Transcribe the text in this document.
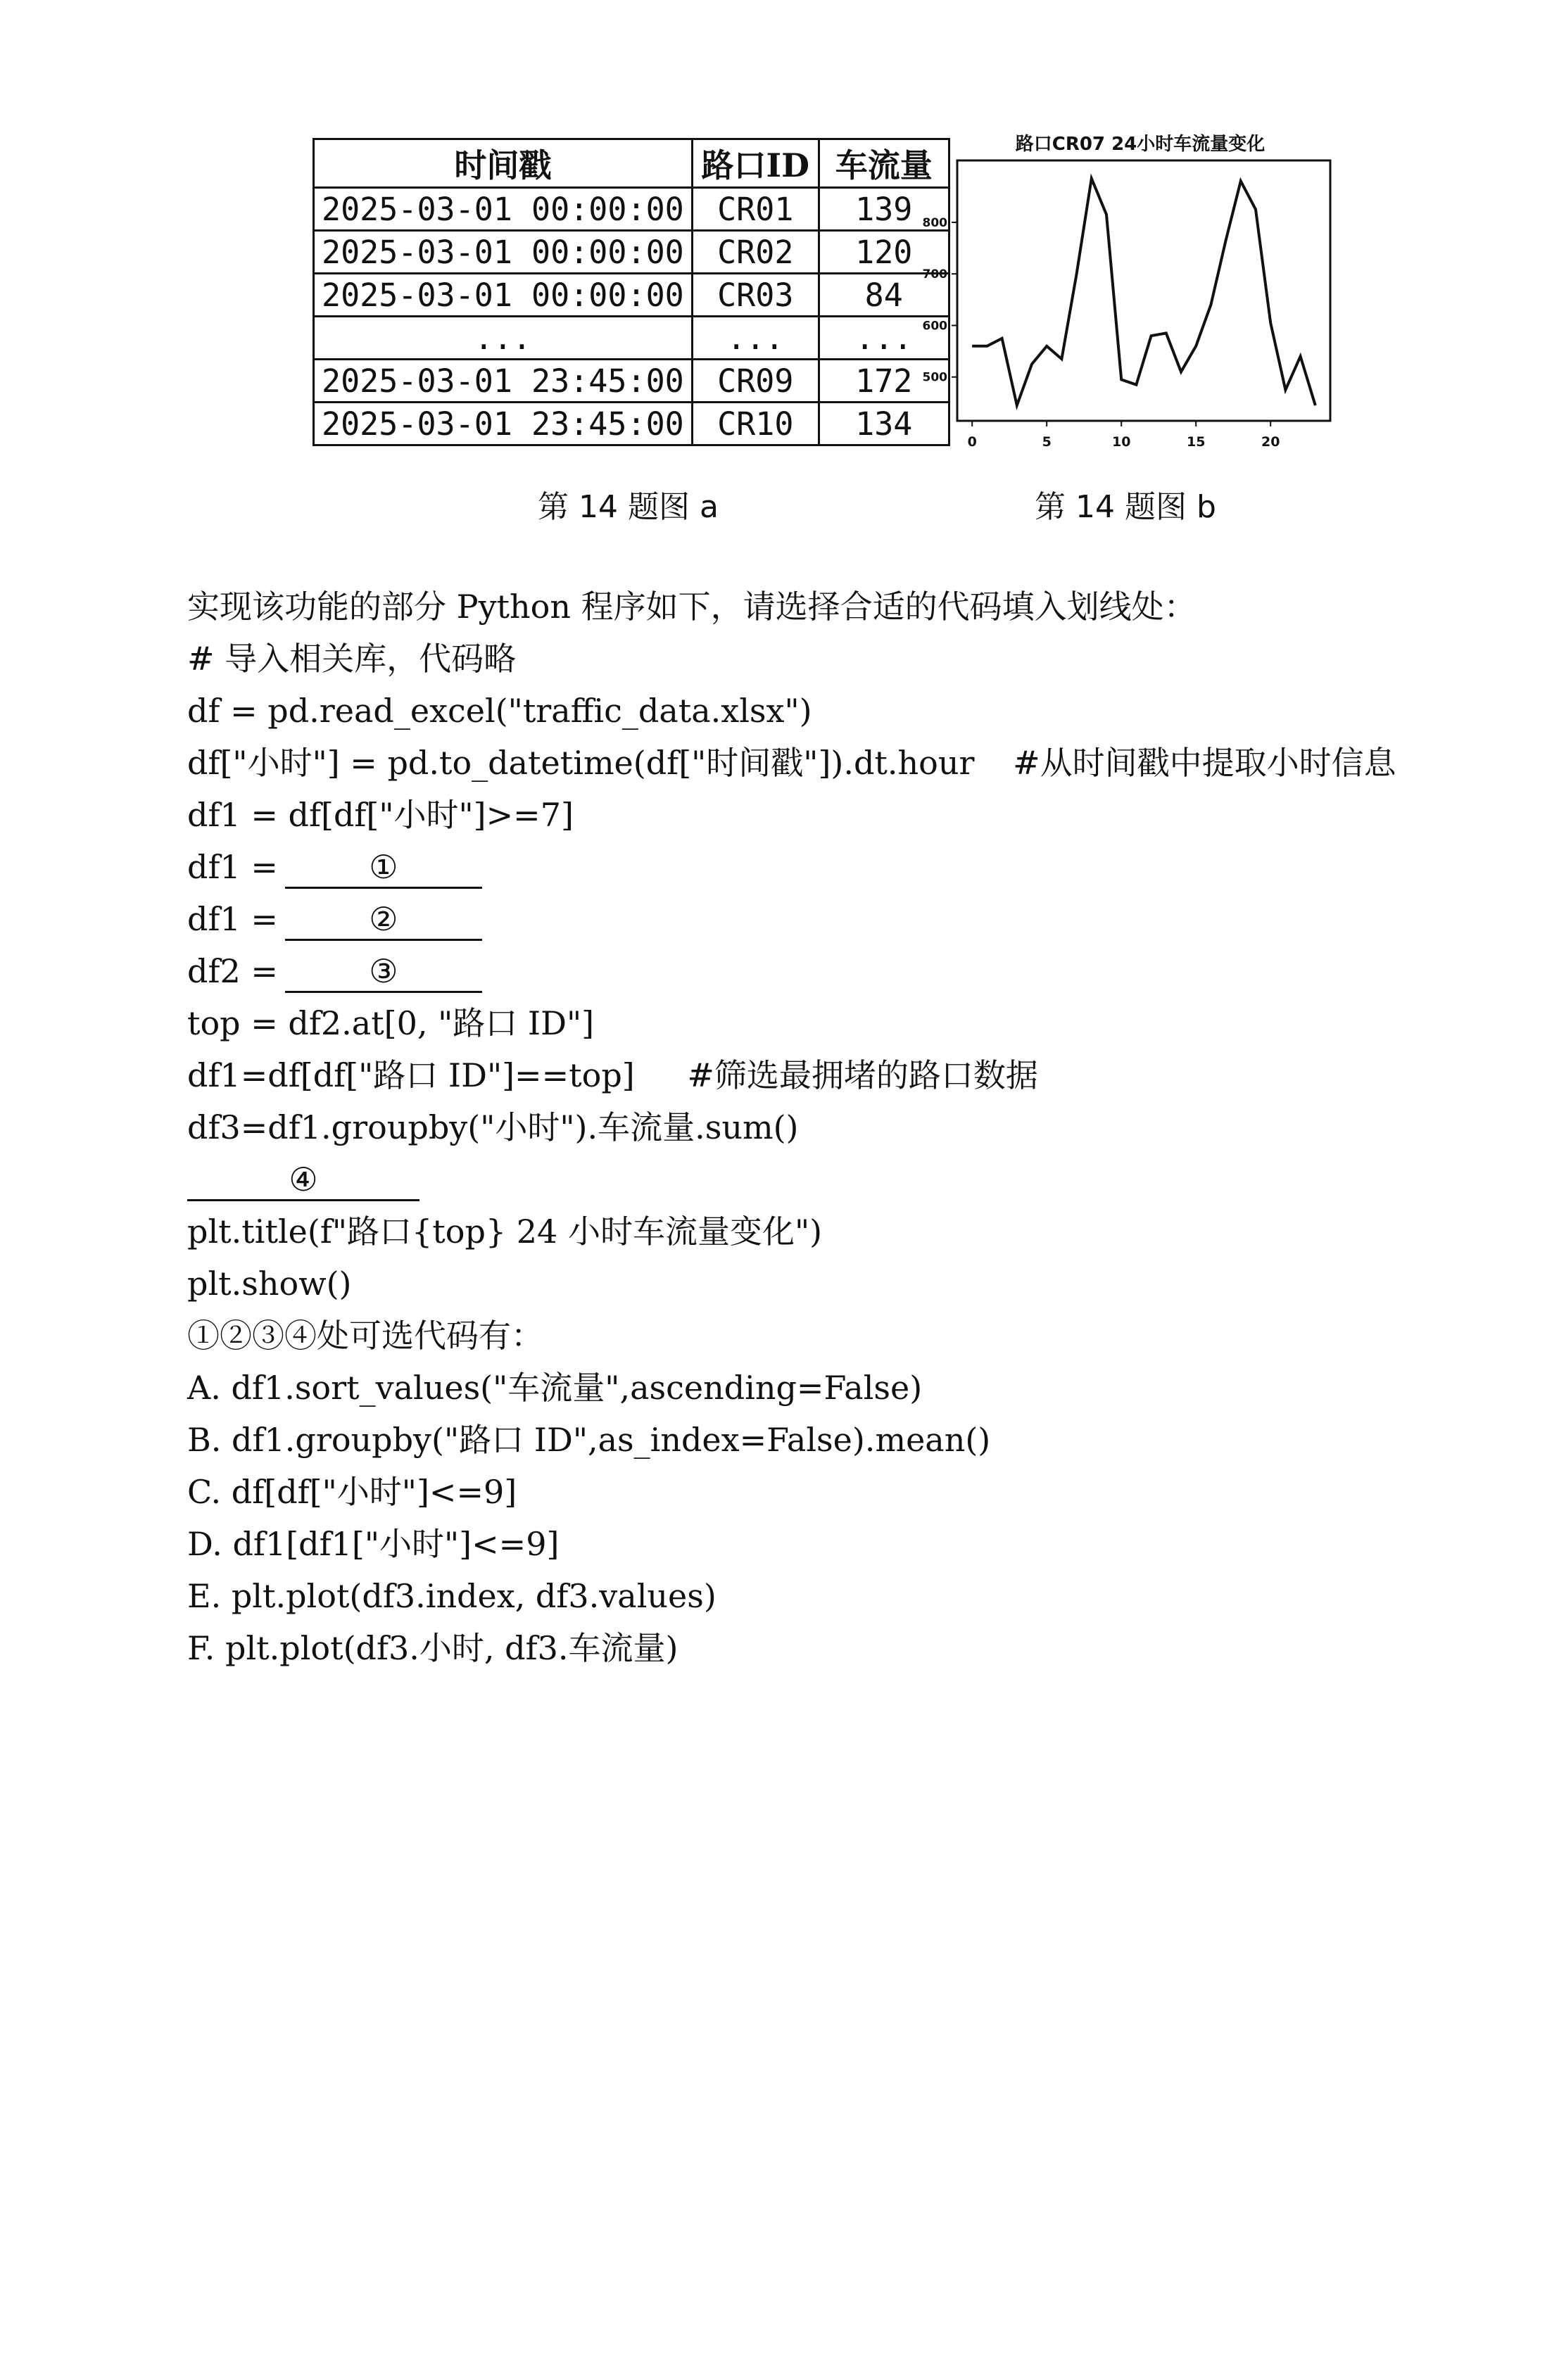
时间戳	路口ID	车流量
2025-03-01 00:00:00	CR01	139
2025-03-01 00:00:00	CR02	120
2025-03-01 00:00:00	CR03	84
...	...	...
2025-03-01 23:45:00	CR09	172
2025-03-01 23:45:00	CR10	134
路口CR07 24小时车流量变化
0	5	10	15	20
500
600
700
800
第 14 题图 a	第 14 题图 b
实现该功能的部分 Python 程序如下，请选择合适的代码填入划线处：
# 导入相关库，代码略
df = pd.read_excel("traffic_data.xlsx")
df["小时"] = pd.to_datetime(df["时间戳"]).dt.hour #从时间戳中提取小时信息
df1 = df[df["小时"]>=7]
df1 =	①
df1 =	②
df2 =	③
top = df2.at[0, "路口 ID"]
df1=df[df["路口 ID"]==top] #筛选最拥堵的路口数据
df3=df1.groupby("小时").车流量.sum()
④
plt.title(f"路口{top} 24 小时车流量变化")
plt.show()
①②③④处可选代码有：
A. df1.sort_values("车流量",ascending=False)
B. df1.groupby("路口 ID",as_index=False).mean()
C. df[df["小时"]<=9]
D. df1[df1["小时"]<=9]
E. plt.plot(df3.index, df3.values)
F. plt.plot(df3.小时, df3.车流量)
